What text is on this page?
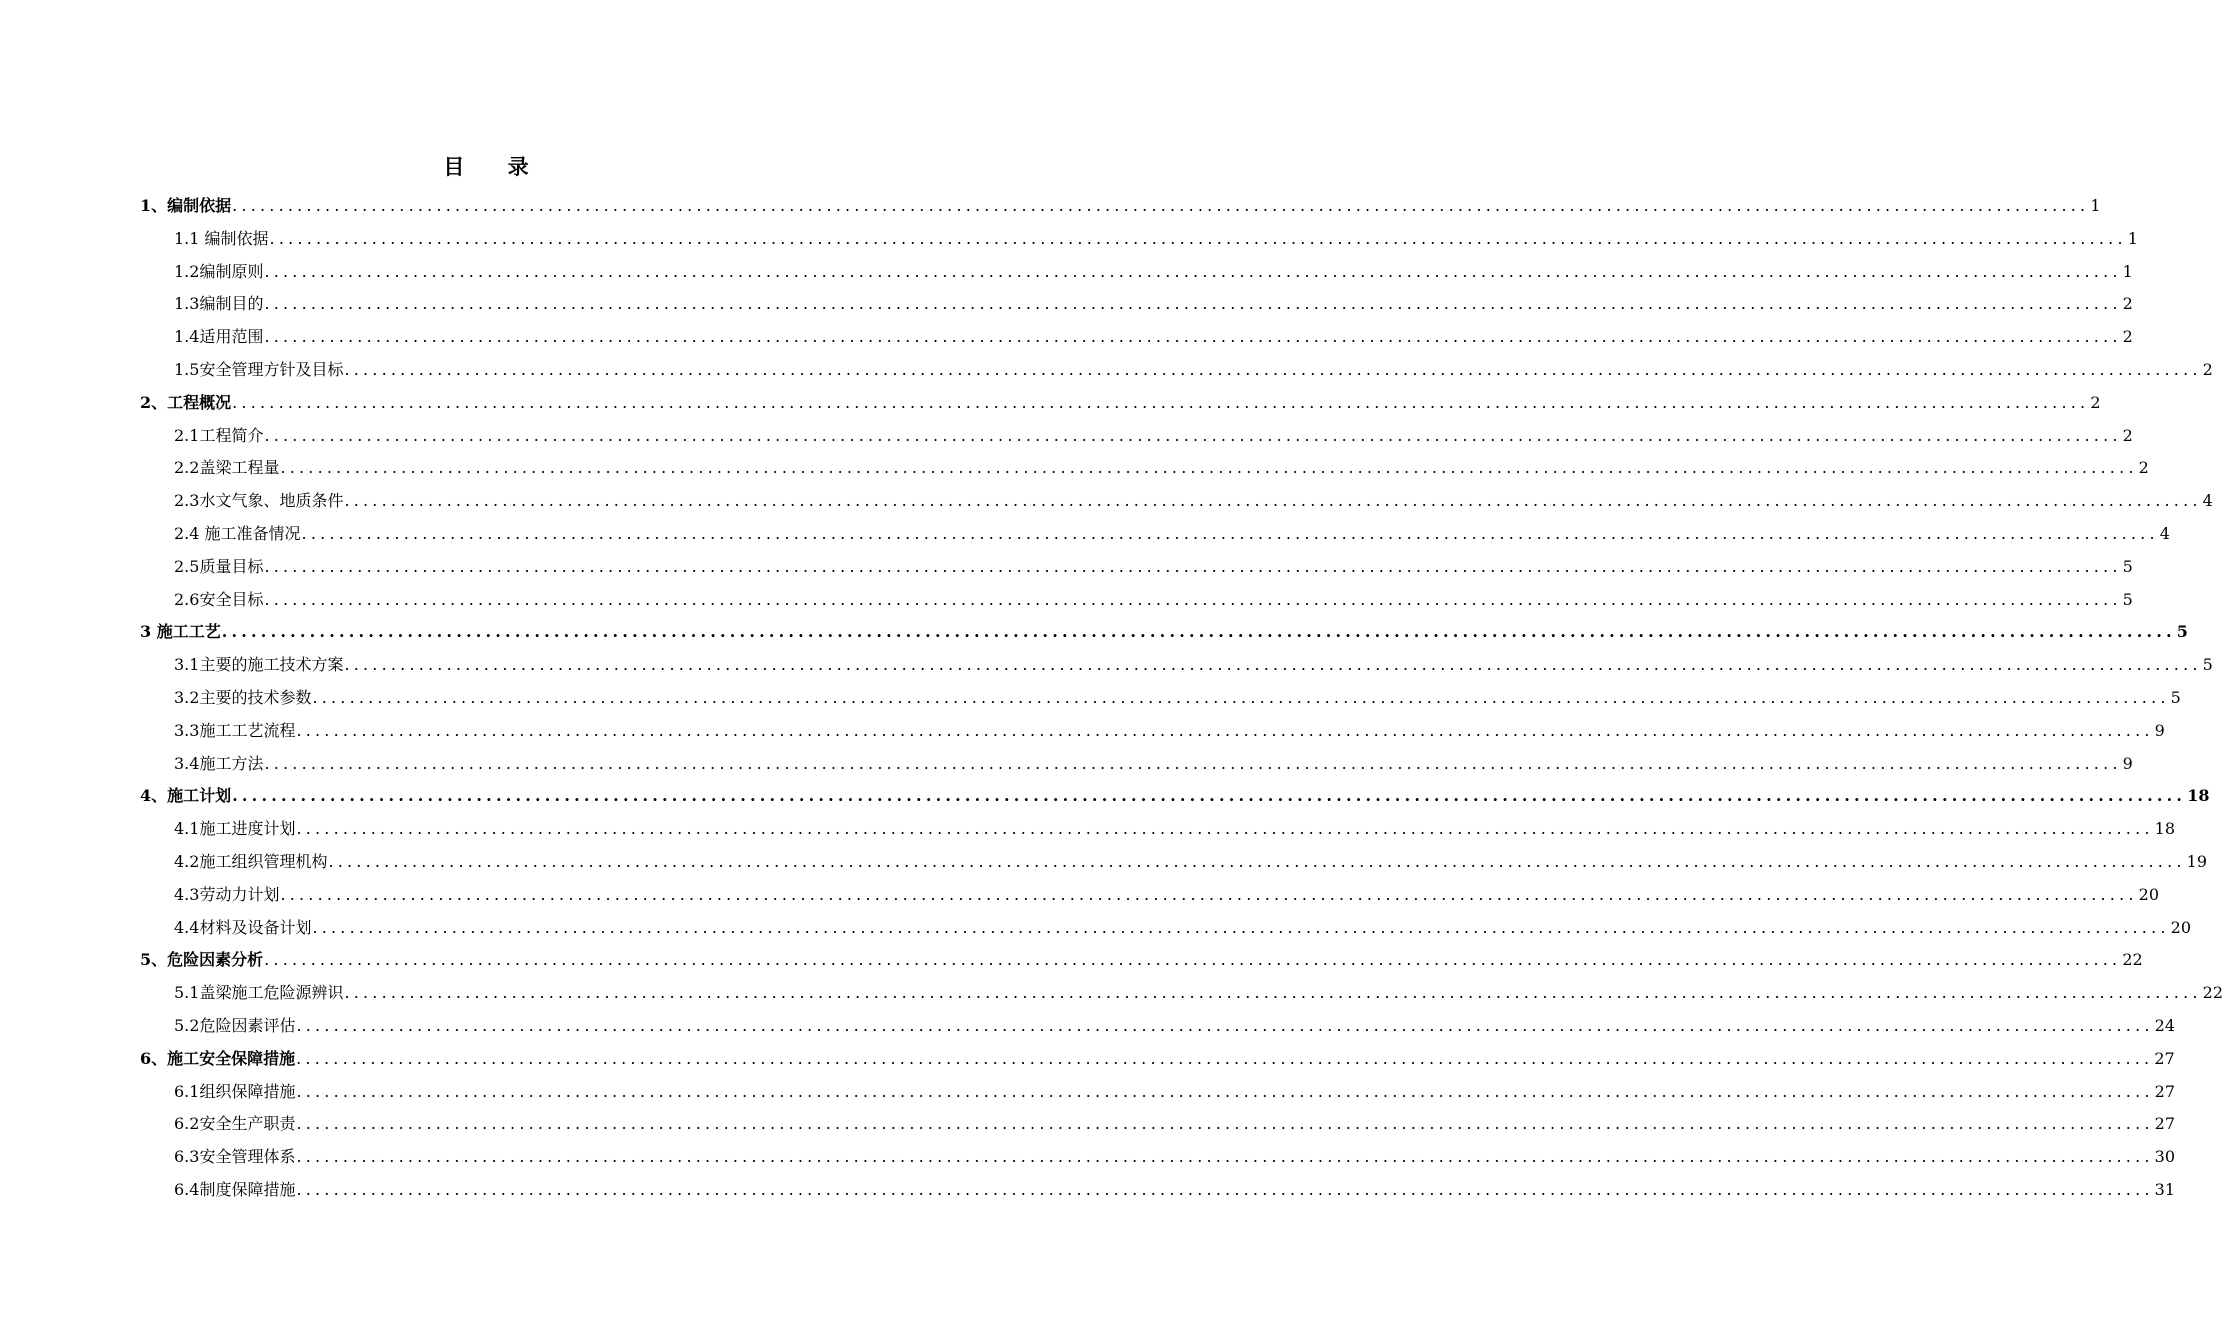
目 录
1、编制依据 ........................................................................................................................................................................................................ 1
1.1 编制依据 ........................................................................................................................................................................................................ 1
1.2编制原则 ........................................................................................................................................................................................................ 1
1.3编制目的 ........................................................................................................................................................................................................ 2
1.4适用范围 ........................................................................................................................................................................................................ 2
1.5安全管理方针及目标 ........................................................................................................................................................................................................ 2
2、工程概况 ........................................................................................................................................................................................................ 2
2.1工程简介 ........................................................................................................................................................................................................ 2
2.2盖梁工程量 ........................................................................................................................................................................................................ 2
2.3水文气象、地质条件 ........................................................................................................................................................................................................ 4
2.4 施工准备情况 ........................................................................................................................................................................................................ 4
2.5质量目标 ........................................................................................................................................................................................................ 5
2.6安全目标 ........................................................................................................................................................................................................ 5
3 施工工艺 ........................................................................................................................................................................................................ 5
3.1主要的施工技术方案 ........................................................................................................................................................................................................ 5
3.2主要的技术参数 ........................................................................................................................................................................................................ 5
3.3施工工艺流程 ........................................................................................................................................................................................................ 9
3.4施工方法 ........................................................................................................................................................................................................ 9
4、施工计划 ........................................................................................................................................................................................................ 18
4.1施工进度计划 ........................................................................................................................................................................................................ 18
4.2施工组织管理机构 ........................................................................................................................................................................................................ 19
4.3劳动力计划 ........................................................................................................................................................................................................ 20
4.4材料及设备计划 ........................................................................................................................................................................................................ 20
5、危险因素分析 ........................................................................................................................................................................................................ 22
5.1盖梁施工危险源辨识 ........................................................................................................................................................................................................ 22
5.2危险因素评估 ........................................................................................................................................................................................................ 24
6、施工安全保障措施 ........................................................................................................................................................................................................ 27
6.1组织保障措施 ........................................................................................................................................................................................................ 27
6.2安全生产职责 ........................................................................................................................................................................................................ 27
6.3安全管理体系 ........................................................................................................................................................................................................ 30
6.4制度保障措施 ........................................................................................................................................................................................................ 31
